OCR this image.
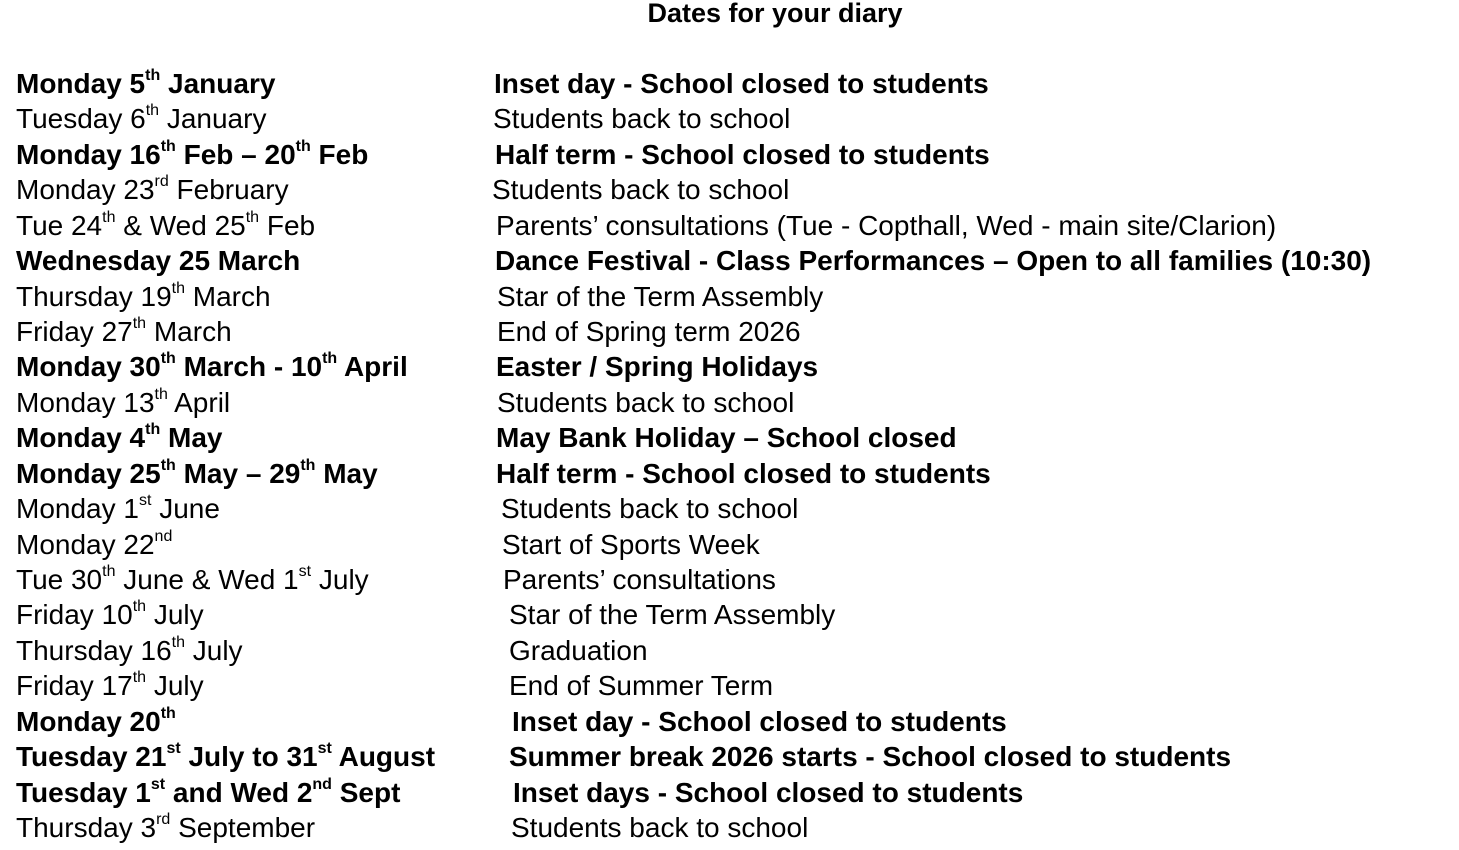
Dates for your diary
Monday 5th January	Inset day - School closed to students
Tuesday 6th January	Students back to school
Monday 16th Feb – 20th Feb	Half term - School closed to students
Monday 23rd February	Students back to school
Tue 24th & Wed 25th Feb	Parents’ consultations (Tue - Copthall, Wed - main site/Clarion)
Wednesday 25 March	Dance Festival - Class Performances – Open to all families (10:30)
Thursday 19th March	Star of the Term Assembly
Friday 27th March	End of Spring term 2026
Monday 30th March - 10th April	Easter / Spring Holidays
Monday 13th April	Students back to school
Monday 4th May	May Bank Holiday – School closed
Monday 25th May – 29th May	Half term - School closed to students
Monday 1st June	Students back to school
Monday 22nd	Start of Sports Week
Tue 30th June & Wed 1st July	Parents’ consultations
Friday 10th July	Star of the Term Assembly
Thursday 16th July	Graduation
Friday 17th July	End of Summer Term
Monday 20th	Inset day - School closed to students
Tuesday 21st July to 31st August	Summer break 2026 starts - School closed to students
Tuesday 1st and Wed 2nd Sept	Inset days - School closed to students
Thursday 3rd September	Students back to school
